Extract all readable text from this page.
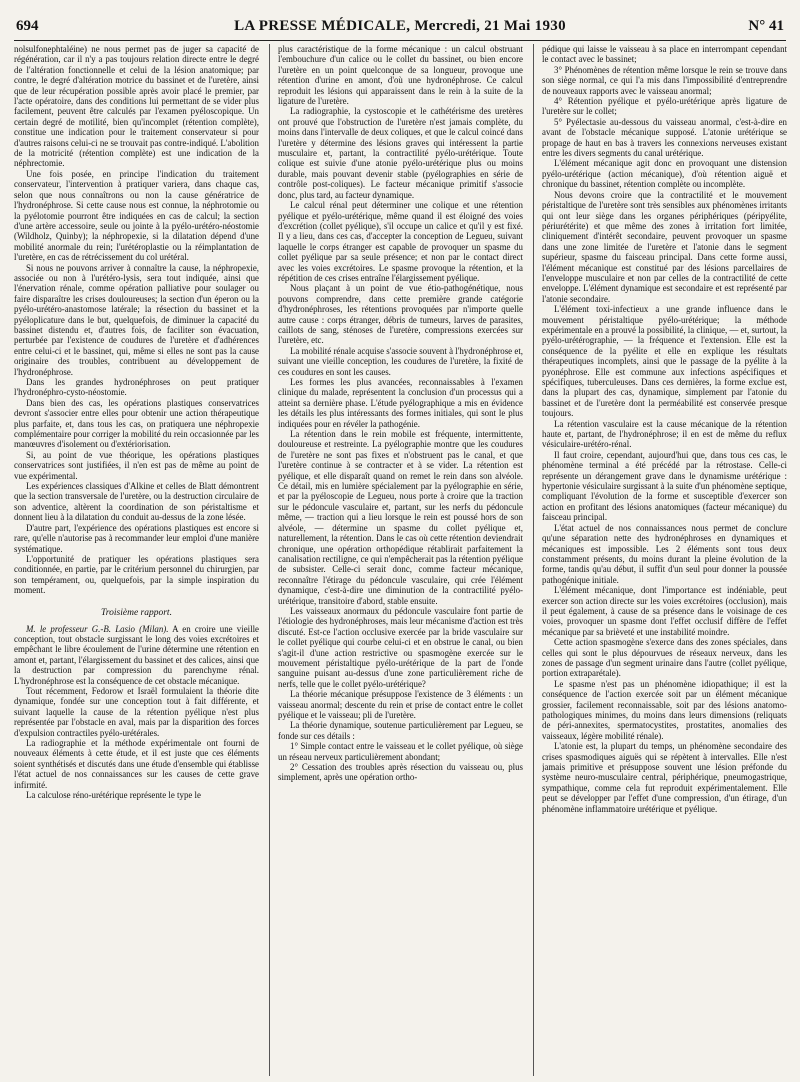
694	LA PRESSE MÉDICALE, Mercredi, 21 Mai 1930	N° 41

nolsulfonephtaléine) ne nous permet pas de juger sa capacité de régénération, car il n'y a pas toujours relation directe entre le degré de l'altération fonctionnelle et celui de la lésion anatomique; par contre, le degré d'altération motrice du bassinet et de l'uretère, ainsi que de leur récupération possible après avoir placé le premier, par l'acte opératoire, dans des conditions lui permettant de se vider plus facilement, peuvent être calculés par l'examen pyéloscopique. Un certain degré de motilité, bien qu'incomplet (rétention complète), constitue une indication pour le traitement conservateur si pour d'autres raisons celui-ci ne se trouvait pas contre-indiqué. L'abolition de la motricité (rétention complète) est une indication de la néphrectomie.

Une fois posée, en principe l'indication du traitement conservateur, l'intervention à pratiquer variera, dans chaque cas, selon que nous connaîtrons ou non la cause génératrice de l'hydronéphrose. Si cette cause nous est connue, la néphrotomie ou la pyélotomie pourront être indiquées en cas de calcul; la section d'une artère accessoire, seule ou jointe à la pyélo-urétéro-néostomie (Wildholz, Quinby); la néphropexie, si la dilatation dépend d'une mobilité anormale du rein; l'urétéroplastie ou la réimplantation de l'uretère, en cas de rétrécissement du col urétéral.

Si nous ne pouvons arriver à connaître la cause, la néphropexie, associée ou non à l'urétéro-lysis, sera tout indiquée, ainsi que l'énervation rénale, comme opération palliative pour soulager ou faire disparaître les crises douloureuses; la section d'un éperon ou la pyélo-urétéro-anastomose latérale; la résection du bassinet et la pyéloplicature dans le but, quelquefois, de diminuer la capacité du bassinet distendu et, d'autres fois, de faciliter son évacuation, perturbée par l'existence de coudures de l'uretère et d'adhérences entre celui-ci et le bassinet, qui, même si elles ne sont pas la cause originaire des troubles, contribuent au développement de l'hydronéphrose.

Dans les grandes hydronéphroses on peut pratiquer l'hydronéphro-cysto-néostomie.

Dans bien des cas, les opérations plastiques conservatrices devront s'associer entre elles pour obtenir une action thérapeutique plus parfaite, et, dans tous les cas, on pratiquera une néphropexie complémentaire pour corriger la mobilité du rein occasionnée par les manœuvres d'isolement ou d'extériorisation.

Si, au point de vue théorique, les opérations plastiques conservatrices sont justifiées, il n'en est pas de même au point de vue expérimental.

Les expériences classiques d'Alkine et celles de Blatt démontrent que la section transversale de l'uretère, ou la destruction circulaire de son adventice, altèrent la coordination de son péristaltisme et donnent lieu à la dilatation du conduit au-dessus de la zone lésée.

D'autre part, l'expérience des opérations plastiques est encore si rare, qu'elle n'autorise pas à recommander leur emploi d'une manière systématique.

L'opportunité de pratiquer les opérations plastiques sera conditionnée, en partie, par le critérium personnel du chirurgien, par son tempérament, ou, quelquefois, par la simple inspiration du moment.

Troisième rapport.

M. le professeur G.-B. Lasio (Milan). A en croire une vieille conception, tout obstacle surgissant le long des voies excrétoires et empêchant le libre écoulement de l'urine détermine une rétention en amont et, partant, l'élargissement du bassinet et des calices, ainsi que la destruction par compression du parenchyme rénal. L'hydronéphrose est la conséquence de cet obstacle mécanique.

Tout récemment, Fedorow et Israël formulaient la théorie dite dynamique, fondée sur une conception tout à fait différente, et suivant laquelle la cause de la rétention pyélique n'est plus représentée par l'obstacle en aval, mais par la disparition des forces d'expulsion contractiles pyélo-urétérales.

La radiographie et la méthode expérimentale ont fourni de nouveaux éléments à cette étude, et il est juste que ces éléments soient synthétisés et discutés dans une étude d'ensemble qui établisse l'état actuel de nos connaissances sur les causes de cette grave infirmité.

La calculose réno-urétérique représente le type le

plus caractéristique de la forme mécanique : un calcul obstruant l'embouchure d'un calice ou le collet du bassinet, ou bien encore l'uretère en un point quelconque de sa longueur, provoque une rétention d'urine en amont, d'où une hydronéphrose. Ce calcul reproduit les lésions qui apparaissent dans le rein à la suite de la ligature de l'uretère.

La radiographie, la cystoscopie et le cathétérisme des uretères ont prouvé que l'obstruction de l'uretère n'est jamais complète, du moins dans l'intervalle de deux coliques, et que le calcul coincé dans l'uretère y détermine des lésions graves qui intéressent la partie musculaire et, partant, la contractilité pyélo-urétérique. Toute colique est suivie d'une atonie pyélo-urétérique plus ou moins durable, mais pouvant devenir stable (pyélographies en série de contrôle post-coliques). Le facteur mécanique primitif s'associe donc, plus tard, au facteur dynamique.

Le calcul rénal peut déterminer une colique et une rétention pyélique et pyélo-urétérique, même quand il est éloigné des voies d'excrétion (collet pyélique), s'il occupe un calice et qu'il y est fixé. Il y a lieu, dans ces cas, d'accepter la conception de Legueu, suivant laquelle le corps étranger est capable de provoquer un spasme du collet pyélique par sa seule présence; et non par le contact direct avec les voies excrétoires. Le spasme provoque la rétention, et la répétition de ces crises entraîne l'élargissement pyélique.

Nous plaçant à un point de vue étio-pathogénétique, nous pouvons comprendre, dans cette première grande catégorie d'hydronéphroses, les rétentions provoquées par n'importe quelle autre cause : corps étranger, débris de tumeurs, larves de parasites, caillots de sang, sténoses de l'uretère, compressions exercées sur l'uretère, etc.

La mobilité rénale acquise s'associe souvent à l'hydronéphrose et, suivant une vieille conception, les coudures de l'uretère, la fixité de ces coudures en sont les causes.

Les formes les plus avancées, reconnaissables à l'examen clinique du malade, représentent la conclusion d'un processus qui a atteint sa dernière phase. L'étude pyélographique a mis en évidence les détails les plus intéressants des formes initiales, qui sont le plus indiquées pour en révéler la pathogénie.

La rétention dans le rein mobile est fréquente, intermittente, douloureuse et restreinte. La pyélographie montre que les coudures de l'uretère ne sont pas fixes et n'obstruent pas le canal, et que l'uretère continue à se contracter et à se vider. La rétention est pyélique, et elle disparaît quand on remet le rein dans son alvéole. Ce détail, mis en lumière spécialement par la pyélographie en série, et par la pyéloscopie de Legueu, nous porte à croire que la traction sur le pédoncule vasculaire et, partant, sur les nerfs du pédoncule même, — traction qui a lieu lorsque le rein est poussé hors de son alvéole, — détermine un spasme du collet pyélique et, naturellement, la rétention. Dans le cas où cette rétention deviendrait chronique, une opération orthopédique rétablirait parfaitement la canalisation rectiligne, ce qui n'empêcherait pas la rétention pyélique de subsister. Celle-ci serait donc, comme facteur mécanique, reconnaître l'étirage du pédoncule vasculaire, qui crée l'élément dynamique, c'est-à-dire une diminution de la contractilité pyélo-urétérique, transitoire d'abord, stable ensuite.

Les vaisseaux anormaux du pédoncule vasculaire font partie de l'étiologie des hydronéphroses, mais leur mécanisme d'action est très discuté. Est-ce l'action occlusive exercée par la bride vasculaire sur le collet pyélique qui courbe celui-ci et en obstrue le canal, ou bien s'agit-il d'une action restrictive ou spasmogène exercée sur le mouvement péristaltique pyélo-urétérique de la part de l'onde sanguine puisant au-dessus d'une zone particulièrement riche de nerfs, telle que le collet pyélo-urétérique?

La théorie mécanique présuppose l'existence de 3 éléments : un vaisseau anormal; descente du rein et prise de contact entre le collet pyélique et le vaisseau; pli de l'uretère.

La théorie dynamique, soutenue particulièrement par Legueu, se fonde sur ces détails :

1° Simple contact entre le vaisseau et le collet pyélique, où siège un réseau nerveux particulièrement abondant;

2° Cessation des troubles après résection du vaisseau ou, plus simplement, après une opération ortho-

pédique qui laisse le vaisseau à sa place en interrompant cependant le contact avec le bassinet;

3° Phénomènes de rétention même lorsque le rein se trouve dans son siège normal, ce qui l'a mis dans l'impossibilité d'entreprendre de nouveaux rapports avec le vaisseau anormal;

4° Rétention pyélique et pyélo-urétérique après ligature de l'uretère sur le collet;

5° Pyélectasie au-dessous du vaisseau anormal, c'est-à-dire en avant de l'obstacle mécanique supposé. L'atonie urétérique se propage de haut en bas à travers les connexions nerveuses existant entre les divers segments du canal urétérique.

L'élément mécanique agit donc en provoquant une distension pyélo-urétérique (action mécanique), d'où rétention aiguë et chronique du bassinet, rétention complète ou incomplète.

Nous devons croire que la contractilité et le mouvement péristaltique de l'uretère sont très sensibles aux phénomènes irritants qui ont leur siège dans les organes périphériques (péripyélite, périurétérite) et que même des zones à irritation fort limitée, cliniquement d'intérêt secondaire, peuvent provoquer un spasme dans une zone limitée de l'uretère et l'atonie dans le segment supérieur, spasme du faisceau principal. Dans cette forme aussi, l'élément mécanique est constitué par des lésions parcellaires de l'enveloppe musculaire et non par celles de la contractilité de cette enveloppe. L'élément dynamique est secondaire et est représenté par l'atonie secondaire.

L'élément toxi-infectieux a une grande influence dans le mouvement péristaltique pyélo-urétérique; la méthode expérimentale en a prouvé la possibilité, la clinique, — et, surtout, la pyélo-urétérographie, — la fréquence et l'extension. Elle est la conséquence de la pyélite et elle en explique les résultats thérapeutiques incomplets, ainsi que le passage de la pyélite à la pyonéphrose. Elle est commune aux infections aspécifiques et spécifiques, tuberculeuses. Dans ces dernières, la forme exclue est, dans la plupart des cas, dynamique, simplement par l'atonie du bassinet et de l'uretère dont la perméabilité est conservée presque toujours.

La rétention vasculaire est la cause mécanique de la rétention haute et, partant, de l'hydronéphrose; il en est de même du reflux vésiculaire-urétéro-rénal.

Il faut croire, cependant, aujourd'hui que, dans tous ces cas, le phénomène terminal a été précédé par la rétrostase. Celle-ci représente un dérangement grave dans le dynamisme urétérique : hypertonie vésiculaire surgissant à la suite d'un phénomène septique, compliquant l'évolution de la forme et susceptible d'exercer son action en profitant des lésions anatomiques (facteur mécanique) du faisceau principal.

L'état actuel de nos connaissances nous permet de conclure qu'une séparation nette des hydronéphroses en dynamiques et mécaniques est impossible. Les 2 éléments sont tous deux constamment présents, du moins durant la pleine évolution de la forme, tandis qu'au début, il suffit d'un seul pour donner la poussée pathogénique initiale.

L'élément mécanique, dont l'importance est indéniable, peut exercer son action directe sur les voies excrétoires (occlusion), mais il peut également, à cause de sa présence dans le voisinage de ces voies, provoquer un spasme dont l'effet occlusif diffère de l'effet mécanique par sa brièveté et une instabilité moindre.

Cette action spasmogène s'exerce dans des zones spéciales, dans celles qui sont le plus dépourvues de réseaux nerveux, dans les zones de passage d'un segment urinaire dans l'autre (collet pyélique, portion extraparétale).

Le spasme n'est pas un phénomène idiopathique; il est la conséquence de l'action exercée soit par un élément mécanique grossier, facilement reconnaissable, soit par des lésions anatomo-pathologiques minimes, du moins dans leurs dimensions (reliquats de péri-annexites, spermatocystites, prostatites, anomalies des vaisseaux, légère mobilité rénale).

L'atonie est, la plupart du temps, un phénomène secondaire des crises spasmodiques aiguës qui se répètent à intervalles. Elle n'est jamais primitive et présuppose souvent une lésion préfonde du système neuro-musculaire central, périphérique, pneumogastrique, sympathique, comme cela fut reproduit expérimentalement. Elle peut se développer par l'effet d'une compression, d'un étirage, d'un phénomène inflammatoire urétérique et pyélique.
